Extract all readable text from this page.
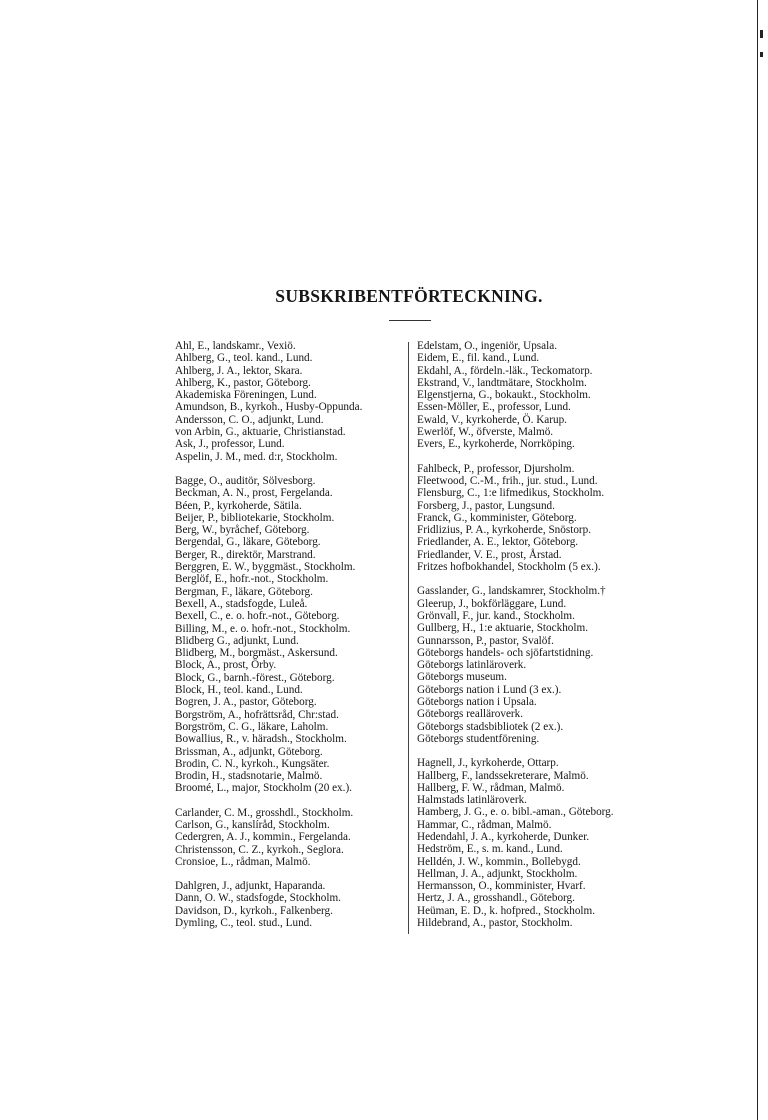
SUBSKRIBENTFÖRTECKNING.
Ahl, E., landskamr., Vexiö.
Ahlberg, G., teol. kand., Lund.
Ahlberg, J. A., lektor, Skara.
Ahlberg, K., pastor, Göteborg.
Akademiska Föreningen, Lund.
Amundson, B., kyrkoh., Husby-Oppunda.
Andersson, C. O., adjunkt, Lund.
von Arbin, G., aktuarie, Christianstad.
Ask, J., professor, Lund.
Aspelin, J. M., med. d:r, Stockholm.
Bagge, O., auditör, Sölvesborg.
Beckman, A. N., prost, Fergelanda.
Béen, P., kyrkoherde, Sätila.
Beijer, P., bibliotekarie, Stockholm.
Berg, W., byråchef, Göteborg.
Bergendal, G., läkare, Göteborg.
Berger, R., direktör, Marstrand.
Berggren, E. W., byggmäst., Stockholm.
Berglöf, E., hofr.-not., Stockholm.
Bergman, F., läkare, Göteborg.
Bexell, A., stadsfogde, Luleå.
Bexell, C., e. o. hofr.-not., Göteborg.
Billing, M., e. o. hofr.-not., Stockholm.
Blidberg G., adjunkt, Lund.
Blidberg, M., borgmäst., Askersund.
Block, A., prost, Örby.
Block, G., barnh.-förest., Göteborg.
Block, H., teol. kand., Lund.
Bogren, J. A., pastor, Göteborg.
Borgström, A., hofrättsråd, Chr:stad.
Borgström, C. G., läkare, Laholm.
Bowallius, R., v. häradsh., Stockholm.
Brissman, A., adjunkt, Göteborg.
Brodin, C. N., kyrkoh., Kungsäter.
Brodin, H., stadsnotarie, Malmö.
Broomé, L., major, Stockholm (20 ex.).
Carlander, C. M., grosshdl., Stockholm.
Carlson, G., kanslíråd, Stockholm.
Cedergren, A. J., kommin., Fergelanda.
Christensson, C. Z., kyrkoh., Seglora.
Cronsioe, L., rådman, Malmö.
Dahlgren, J., adjunkt, Haparanda.
Dann, O. W., stadsfogde, Stockholm.
Davidson, D., kyrkoh., Falkenberg.
Dymling, C., teol. stud., Lund.
Edelstam, O., ingeniör, Upsala.
Eidem, E., fil. kand., Lund.
Ekdahl, A., fördeln.-läk., Teckomatorp.
Ekstrand, V., landtmätare, Stockholm.
Elgenstjerna, G., bokaukt., Stockholm.
Essen-Möller, E., professor, Lund.
Ewald, V., kyrkoherde, Ö. Karup.
Ewerlöf, W., öfverste, Malmö.
Evers, E., kyrkoherde, Norrköping.
Fahlbeck, P., professor, Djursholm.
Fleetwood, C.-M., frih., jur. stud., Lund.
Flensburg, C., 1:e lifmedikus, Stockholm.
Forsberg, J., pastor, Lungsund.
Franck, G., komminister, Göteborg.
Fridlizius, P. A., kyrkoherde, Snöstorp.
Friedlander, A. E., lektor, Göteborg.
Friedlander, V. E., prost, Årstad.
Fritzes hofbokhandel, Stockholm (5 ex.).
Gasslander, G., landskamrer, Stockholm.†
Gleerup, J., bokförläggare, Lund.
Grönvall, F., jur. kand., Stockholm.
Gullberg, H., 1:e aktuarie, Stockholm.
Gunnarsson, P., pastor, Svalöf.
Göteborgs handels- och sjöfartstidning.
Göteborgs latinläroverk.
Göteborgs museum.
Göteborgs nation i Lund (3 ex.).
Göteborgs nation i Upsala.
Göteborgs realläroverk.
Göteborgs stadsbibliotek (2 ex.).
Göteborgs studentförening.
Hagnell, J., kyrkoherde, Ottarp.
Hallberg, F., landssekreterare, Malmö.
Hallberg, F. W., rådman, Malmö.
Halmstads latinläroverk.
Hamberg, J. G., e. o. bibl.-aman., Göteborg.
Hammar, C., rådman, Malmö.
Hedendahl, J. A., kyrkoherde, Dunker.
Hedström, E., s. m. kand., Lund.
Helldén, J. W., kommin., Bollebygd.
Hellman, J. A., adjunkt, Stockholm.
Hermansson, O., komminister, Hvarf.
Hertz, J. A., grosshandl., Göteborg.
Heüman, E. D., k. hofpred., Stockholm.
Hildebrand, A., pastor, Stockholm.
